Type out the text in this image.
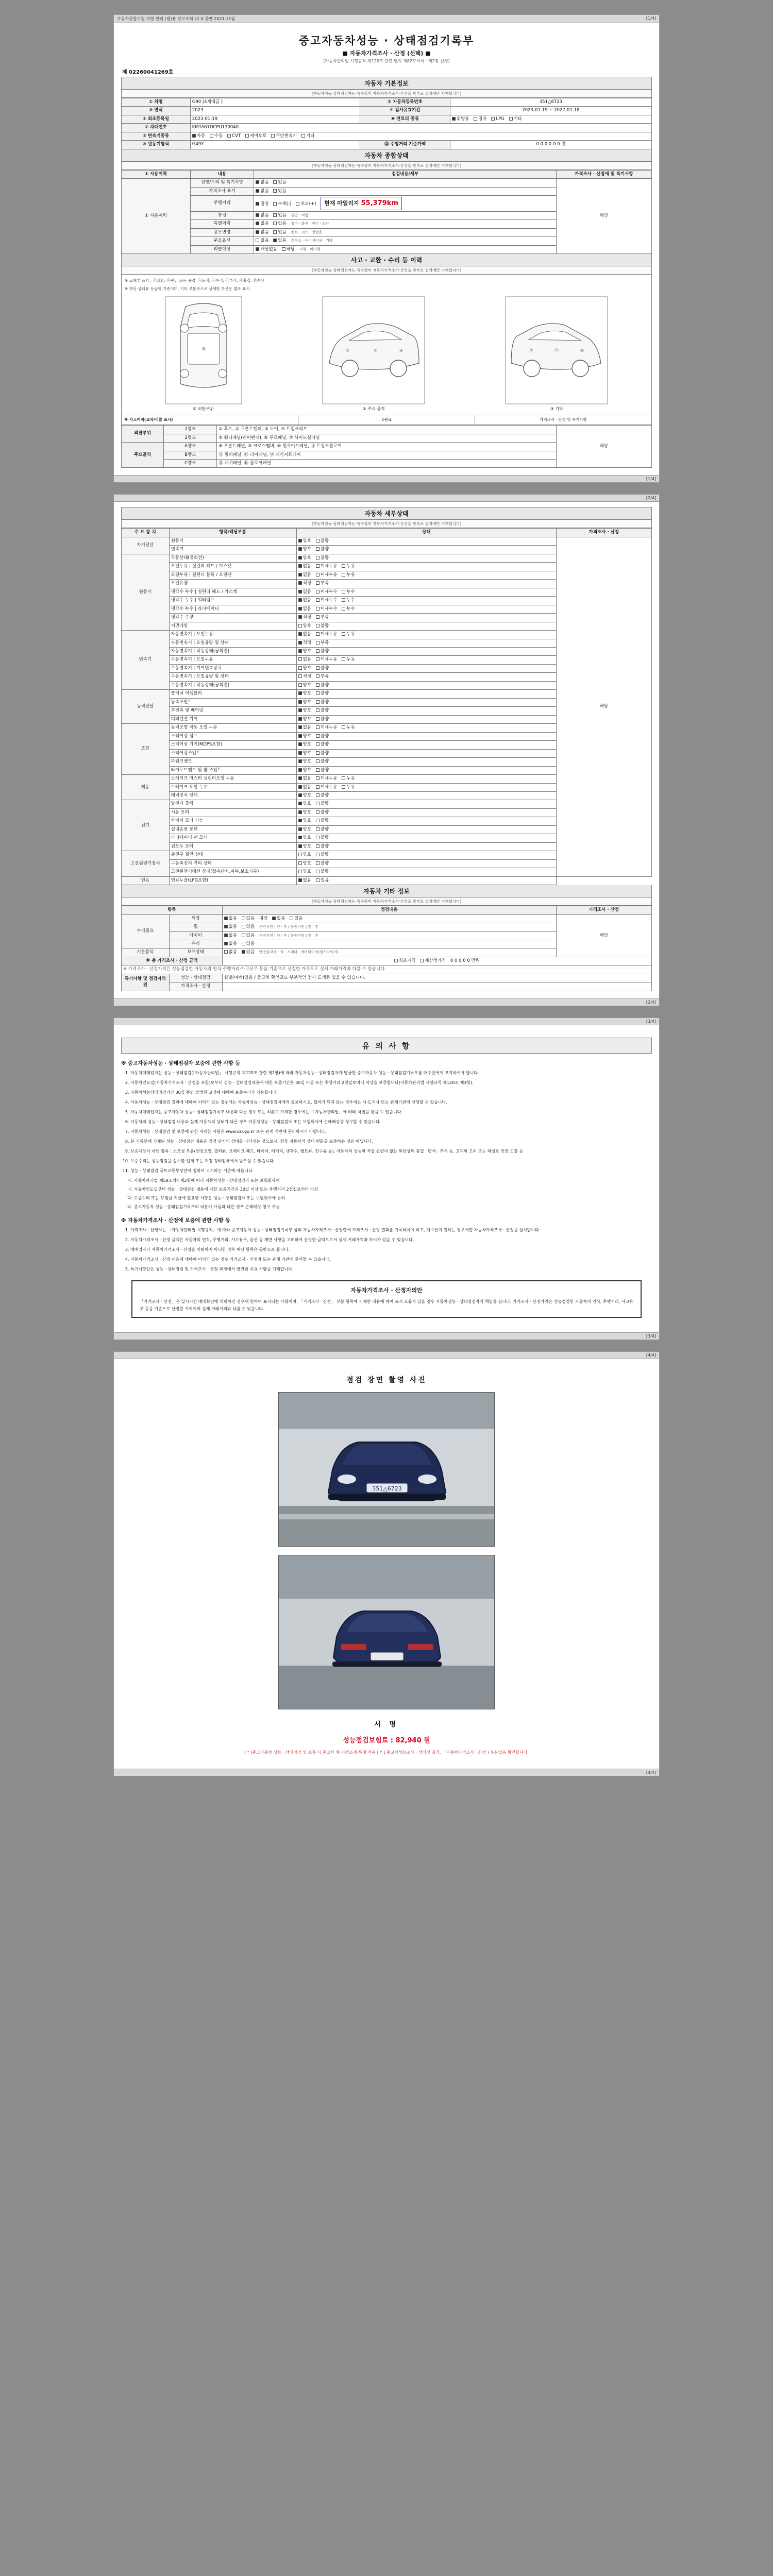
자동차종합보험 차량 관리 (웹)용 정보조회 v1.0 중판 2021.11월	[1/4]
중고자동차성능 · 상태점검기록부
■ 자동차가격조사 · 산정 (선택) ■
(자동차관리법 시행규칙 제120조 관련 별지 제82호서식 · 제2장 신청)
제 02260041269호
자동차 기본정보
(자동차성능·상태점검자는 특수장비 자동차가격조사·산정을 함부로 결과에만 기재합니다)
① 차명	G90 (4세대급 )	② 자동차등록번호	351△6723
③ 연식	2023	④ 검사유효기간	2023-01-19 ~ 2027-01-18
⑤ 최초등록일	2023-01-19	⑥ 연료의 종류	휘발유 경유 LPG 기타
⑦ 차대번호	KMTA61DCPU130040		
⑧ 변속기종류	자동 수동 CVT 세미오토 무단변속기 기타		
⑩ 원동기형식	G49Y	⑬ 주행거리 기준가액	0 0 0 0 0 0 원
자동차 종합상태
(자동차성능·상태점검자는 특수장비 자동차가격조사·산정을 함부로 결과에만 기재합니다)
① 사용이력	내용	점검내용/세부	가격조사 · 산정에 및 특기사항
① 사용이력	전방/수리 및 특기사항	없음 있음	해당
	가격조사 표기	없음 있음	
	주행거리	정상 부족(-) 초과(+) 현재 마일리지 55,379km	
	튜닝	없음 있음 불법 · 적법	
	특별이력	없음 있음 침수 · 화재 · 전손 · 도난	
	용도변경	없음 있음 렌트 · 리스 · 영업용	
	주요옵션	없음 있음 썬루프 · 내비게이션 · 기타	
	리콜대상	해당없음 해당 이행 · 미이행	
사고 · 교환 · 수리 등 이력
(자동차성능·상태점검자는 특수장비 자동차가격조사·산정을 함부로 결과에만 기재합니다)
※ 교체부 표기 : ⓧ교환, ⓦ판금 또는 용접, ⓐ도색, ⓡ수리, ⓒ부식, ⓤ흠집, ⓟ손상
※ 하단 상태표 등급의 기준이며, 기타 부분적으로 상세한 부분은 별도 표시
③
① 외판부위
②	⑤	④
② 주요 골격
⑩
⑫
⑭
③ 기타
※ 사고이력(교차/리콜 표시)	2랭크	가격조사 · 산정 및 특기사항
외판부위	1랭크	① 후드, ② 프론트펜더, ③ 도어, ④ 트렁크리드	해당
	2랭크	⑤ 쿼터패널(리어펜더), ⑥ 루프패널, ⑦ 사이드실패널	
주요골격	A랭크	⑧ 프론트패널, ⑨ 크로스맴버, ⑩ 인사이드패널, ⑪ 트렁크플로어	
	B랭크	⑫ 필러패널, ⑬ 리어패널, ⑭ 패키지트레이	
	C랭크	⑮ 대쉬패널, ⑯ 플로어패널	
[1/4]
[2/4]
자동차 세부상태
(자동차성능·상태점검자는 특수장비 자동차가격조사·산정을 함부로 결과에만 기재합니다)
주 요 장 치	항목/해당부품	상태	가격조사 · 산정
자기진단	원동기	양호 불량	해당
	변속기	양호 불량	
원동기	작동상태(공회전)	양호 불량	
	오일누유 | 실린더 헤드 / 가스켓	없음 미세누유 누유	
	오일누유 | 실린더 블록 / 오일팬	없음 미세누유 누유	
	오일유량	적정 부족	
	냉각수 누수 | 실린더 헤드 / 가스켓	없음 미세누수 누수	
	냉각수 누수 | 워터펌프	없음 미세누수 누수	
	냉각수 누수 | 라디에이터	없음 미세누수 누수	
	냉각수 수량	적정 부족	
	커먼레일	양호 불량	
변속기	자동변속기 | 오일누유	없음 미세누유 누유	
	자동변속기 | 오일유량 및 상태	적정 부족	
	자동변속기 | 작동상태(공회전)	양호 불량	
	수동변속기 | 오일누유	없음 미세누유 누유	
	수동변속기 | 기어변속장치	양호 불량	
	수동변속기 | 오일유량 및 상태	적정 부족	
	수동변속기 | 작동상태(공회전)	양호 불량	
동력전달	클러치 어셈블리	양호 불량	
	등속조인트	양호 불량	
	추진축 및 베어링	양호 불량	
	디퍼렌셜 기어	양호 불량	
조향	동력조향 작동 오일 누유	없음 미세누유 누유	
	스티어링 펌프	양호 불량	
	스티어링 기어(MDPS포함)	양호 불량	
	스티어링조인트	양호 불량	
	파워크랭크	양호 불량	
	타이로드엔드 및 볼 조인트	양호 불량	
제동	브레이크 마스터 실린더오일 누유	없음 미세누유 누유	
	브레이크 오일 누유	없음 미세누유 누유	
	배력장치 상태	양호 불량	
전기	발전기 출력	양호 불량	
	시동 모터	양호 불량	
	와이퍼 모터 기능	양호 불량	
	실내송풍 모터	양호 불량	
	라디에이터 팬 모터	양호 불량	
	윈도우 모터	양호 불량	
고전원전기장치	충전구 절연 상태	양호 불량	
	구동축전지 격리 상태	양호 불량	
	고전원전기배선 상태(접속단자,피복,보호기구)	양호 불량	
연료	연료누출(LPG포함)	없음 있음	
자동차 기타 정보
(자동차성능·상태점검자는 특수장비 자동차가격조사·산정을 함부로 결과에만 기재합니다)
항목		점검내용	가격조사 · 산정
수리필요	외장	없음 있음 내장 없음 있음	해당
	휠	없음 있음 운전석전 | 전 · 후 / 동승석전 | 전 · 후	
	타이어	없음 있음 운전석전 | 전 · 후 / 동승석전 | 전 · 후	
	유리	없음 있음	
기본품목	보유상태	없음 있음 안전삼각대 · 잭 · 스페너 · 예비타이어(임시타이어)	
※ 총 가격조사 · 산정 금액		최초가격 재산정가격 0 0 0 0 0 만원	
※ 가격조사 · 산정가격은 성능점검한 자동차의 연식·주행거리·사고유무 등을 기준으로 산정한 가격으로 실제 거래가격과 다를 수 있습니다.			
특기사항 및 점검자의견	성능 · 상태점검	실별(여백)있음 / 중고차 확인코드 부분적인 검사 도색은 있을 수 있습니다.	
	가격조사 · 산정		
[2/4]
[3/4]
유 의 사 항
※ 중고자동차성능 · 상태점검자 보증에 관한 사항 등
1. 자동차매매업자는 성능 · 상태점검(「자동차관리법」 시행규칙 제120조 관련 제2항)에 따라 자동차성능 · 상태점검자가 발급한 중고자동차 성능 · 상태점검기록부를 매수인에게 고지하여야 합니다.
2. 자동차인도일(자동차가격조사 · 산정을 포함)로부터 성능 · 상태점검내용에 대한 보증기간은 30일 이상 또는 주행거리 2천킬로미터 이상을 보증합니다(자동차관리법 시행규칙 제120조 제3항).
3. 자동차성능상태점검기간 30일 동안 발생한 고장에 대하여 보증수리가 가능합니다.
4. 자동차성능 · 상태점검 결과에 대하여 이의가 있는 경우에는 자동차성능 · 상태점검자에게 통보하시고, 협의가 되지 않는 경우에는 시·도지사 또는 관계기관에 신청할 수 있습니다.
5. 자동차매매업자는 중고자동차 성능 · 상태점검기록부 내용과 다른 경우 또는 허위로 기재한 경우에는 「자동차관리법」에 따라 처벌을 받을 수 있습니다.
6. 자동차의 성능 · 상태점검 내용과 실제 자동차의 상태가 다른 경우 자동차성능 · 상태점검자 또는 보험회사에 손해배상을 청구할 수 있습니다.
7. 자동차성능 · 상태점검 및 보증에 관한 자세한 사항은 www.car.go.kr 또는 관계 기관에 문의하시기 바랍니다.
8. 본 기록부에 기재된 성능 · 상태점검 내용은 점검 당시의 상태를 나타내는 것으로서, 향후 자동차의 상태 변화를 보증하는 것은 아닙니다.
9. 보증대상이 아닌 항목 : 소모성 부품(엔진오일, 필터류, 브레이크 패드, 타이어, 배터리, 냉각수, 벨트류, 전구류 등), 자동차의 성능과 직접 관련이 없는 외관상의 흠집 · 변색 · 부식 등, 고객의 고의 또는 과실로 인한 고장 등
10. 보증수리는 성능점검을 실시한 업체 또는 지정 정비업체에서 받으실 수 있습니다.
11. 성능 · 상태점검 국토교통부장관이 정하여 고시하는 기준에 따릅니다.

가. 자동차관리법 제58조의4 제2항에 따라 자동차성능 · 상태점검자 또는 보험회사에

나. 자동차인도일부터 성능 · 상태점검 내용에 대한 보증기간은 30일 이상 또는 주행거리 2천킬로미터 이상

다. 보증수리 또는 보험금 지급에 필요한 사항은 성능 · 상태점검자 또는 보험회사에 문의

라. 중고자동차 성능 · 상태점검기록부의 내용이 사실과 다른 경우 손해배상 청구 가능

※ 자동차가격조사 · 산정에 보증에 관한 사항 등
1. 가격조사 · 산정자는 「자동차관리법 시행규칙」에 따라 중고자동차 성능 · 상태점검기록부 상의 자동차가격조사 · 산정란에 가격조사 · 산정 결과를 기록하여야 하고, 매수인이 원하는 경우에만 자동차가격조사 · 산정을 실시합니다.
2. 자동차가격조사 · 산정 금액은 자동차의 연식, 주행거리, 사고유무, 옵션 등 제반 사항을 고려하여 산정한 금액으로서 실제 거래가격과 차이가 있을 수 있습니다.
3. 매매업자가 자동차가격조사 · 산정을 의뢰하지 아니한 경우 해당 항목은 공란으로 둡니다.
4. 자동차가격조사 · 산정 내용에 대하여 이의가 있는 경우 가격조사 · 산정자 또는 관계 기관에 문의할 수 있습니다.
5. 특기사항란은 성능 · 상태점검 및 가격조사 · 산정 과정에서 발견된 주요 사항을 기재합니다.
자동차가격조사 · 산정자의안
「가격조사 · 산정」은 실시기간 매매확인에 의뢰하신 경우에 한하여 표시되는 사항이며, 「가격조사 · 산정」 부분 항목에 기재한 내용에 하여 표시 오류가 있을 경우 자동차성능 · 상태점검자가 책임을 집니다. 가격조사 · 산정가격은 성능점검한 자동차의 연식, 주행거리, 사고유무 등을 기준으로 산정한 가격이며 실제 거래가격과 다를 수 있습니다.
[3/4]
[4/4]
점검 장면 촬영 사진
351△6723
서 명
성능점검보험료 : 82,940 원
[ * ]중고자동차 성능 · 상태점검 및 보증 시 중고차 매 저감조세 특례 적용 [ Y ] 중고차성능조사 · 상태점 결과, 「자동차가격조사 · 산정 ) 부분없음 확인합니다.
[4/4]
